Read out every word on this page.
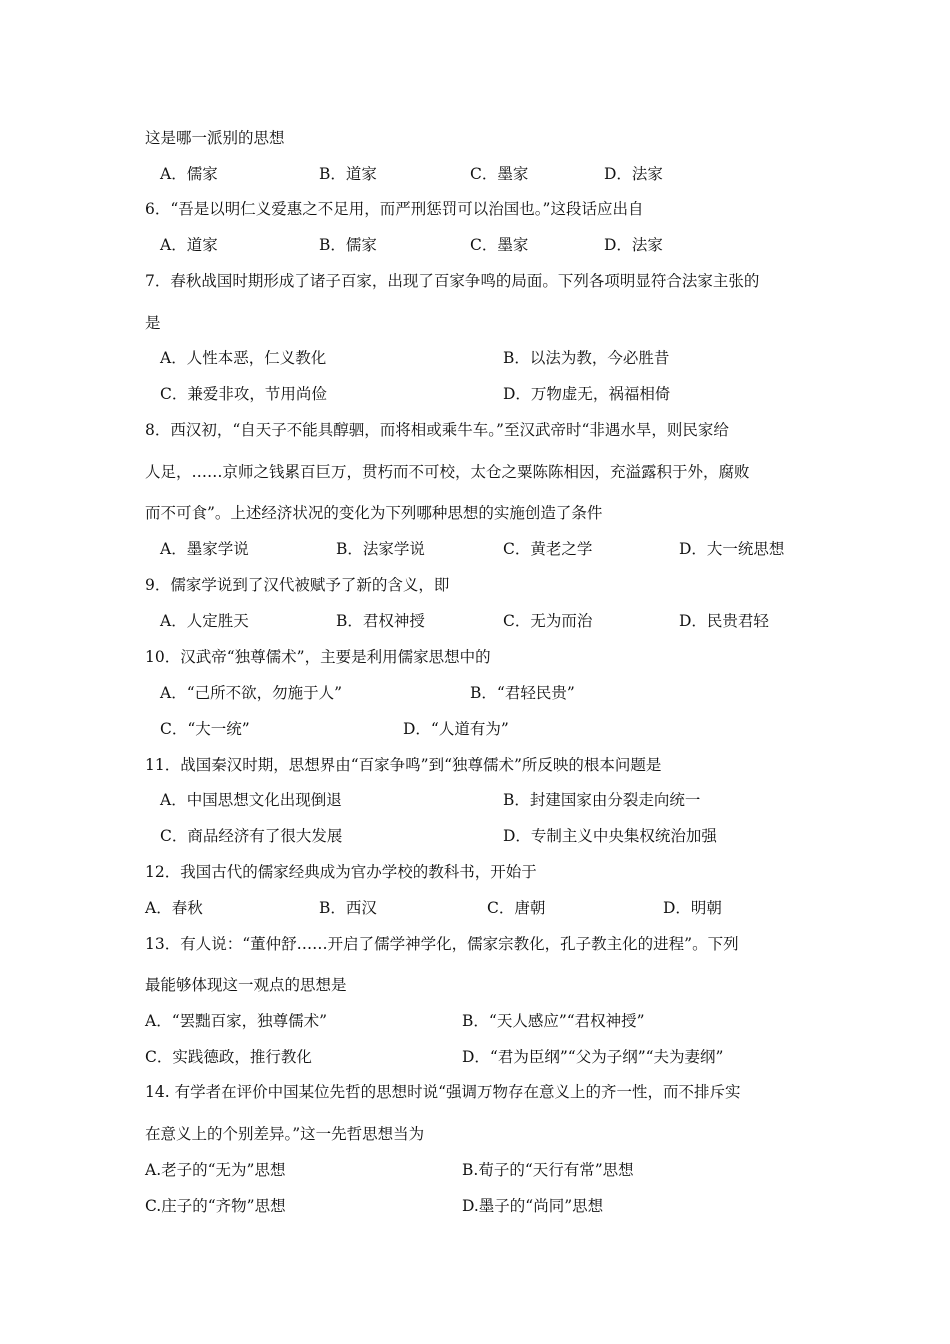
这是哪一派别的思想
A．儒家	B．道家	C．墨家	D．法家
6．“吾是以明仁义爱惠之不足用，而严刑惩罚可以治国也。”这段话应出自
A．道家	B．儒家	C．墨家	D．法家
7．春秋战国时期形成了诸子百家，出现了百家争鸣的局面。下列各项明显符合法家主张的
是
A．人性本恶，仁义教化	B．以法为教，今必胜昔
C．兼爱非攻，节用尚俭	D．万物虚无，祸福相倚
8．西汉初，“自天子不能具醇驷，而将相或乘牛车。”至汉武帝时“非遇水旱，则民家给
人足，……京师之钱累百巨万，贯朽而不可校，太仓之粟陈陈相因，充溢露积于外，腐败
而不可食”。上述经济状况的变化为下列哪种思想的实施创造了条件
A．墨家学说	B．法家学说	C．黄老之学	D．大一统思想
9．儒家学说到了汉代被赋予了新的含义，即
A．人定胜天	B．君权神授	C．无为而治	D．民贵君轻
10．汉武帝“独尊儒术”，主要是利用儒家思想中的
A．“己所不欲，勿施于人”	B．“君轻民贵”
C．“大一统”	D．“人道有为”
11．战国秦汉时期，思想界由“百家争鸣”到“独尊儒术”所反映的根本问题是
A．中国思想文化出现倒退	B．封建国家由分裂走向统一
C．商品经济有了很大发展	D．专制主义中央集权统治加强
12．我国古代的儒家经典成为官办学校的教科书，开始于
A．春秋	B．西汉	C．唐朝	D．明朝
13．有人说：“董仲舒……开启了儒学神学化，儒家宗教化，孔子教主化的进程”。下列
最能够体现这一观点的思想是
A．“罢黜百家，独尊儒术”	B．“天人感应”“君权神授”
C．实践德政，推行教化	D．“君为臣纲”“父为子纲”“夫为妻纲”
14. 有学者在评价中国某位先哲的思想时说“强调万物存在意义上的齐一性，而不排斥实
在意义上的个别差异。”这一先哲思想当为
A.老子的“无为”思想	B.荀子的“天行有常”思想
C.庄子的“齐物”思想	D.墨子的“尚同”思想
